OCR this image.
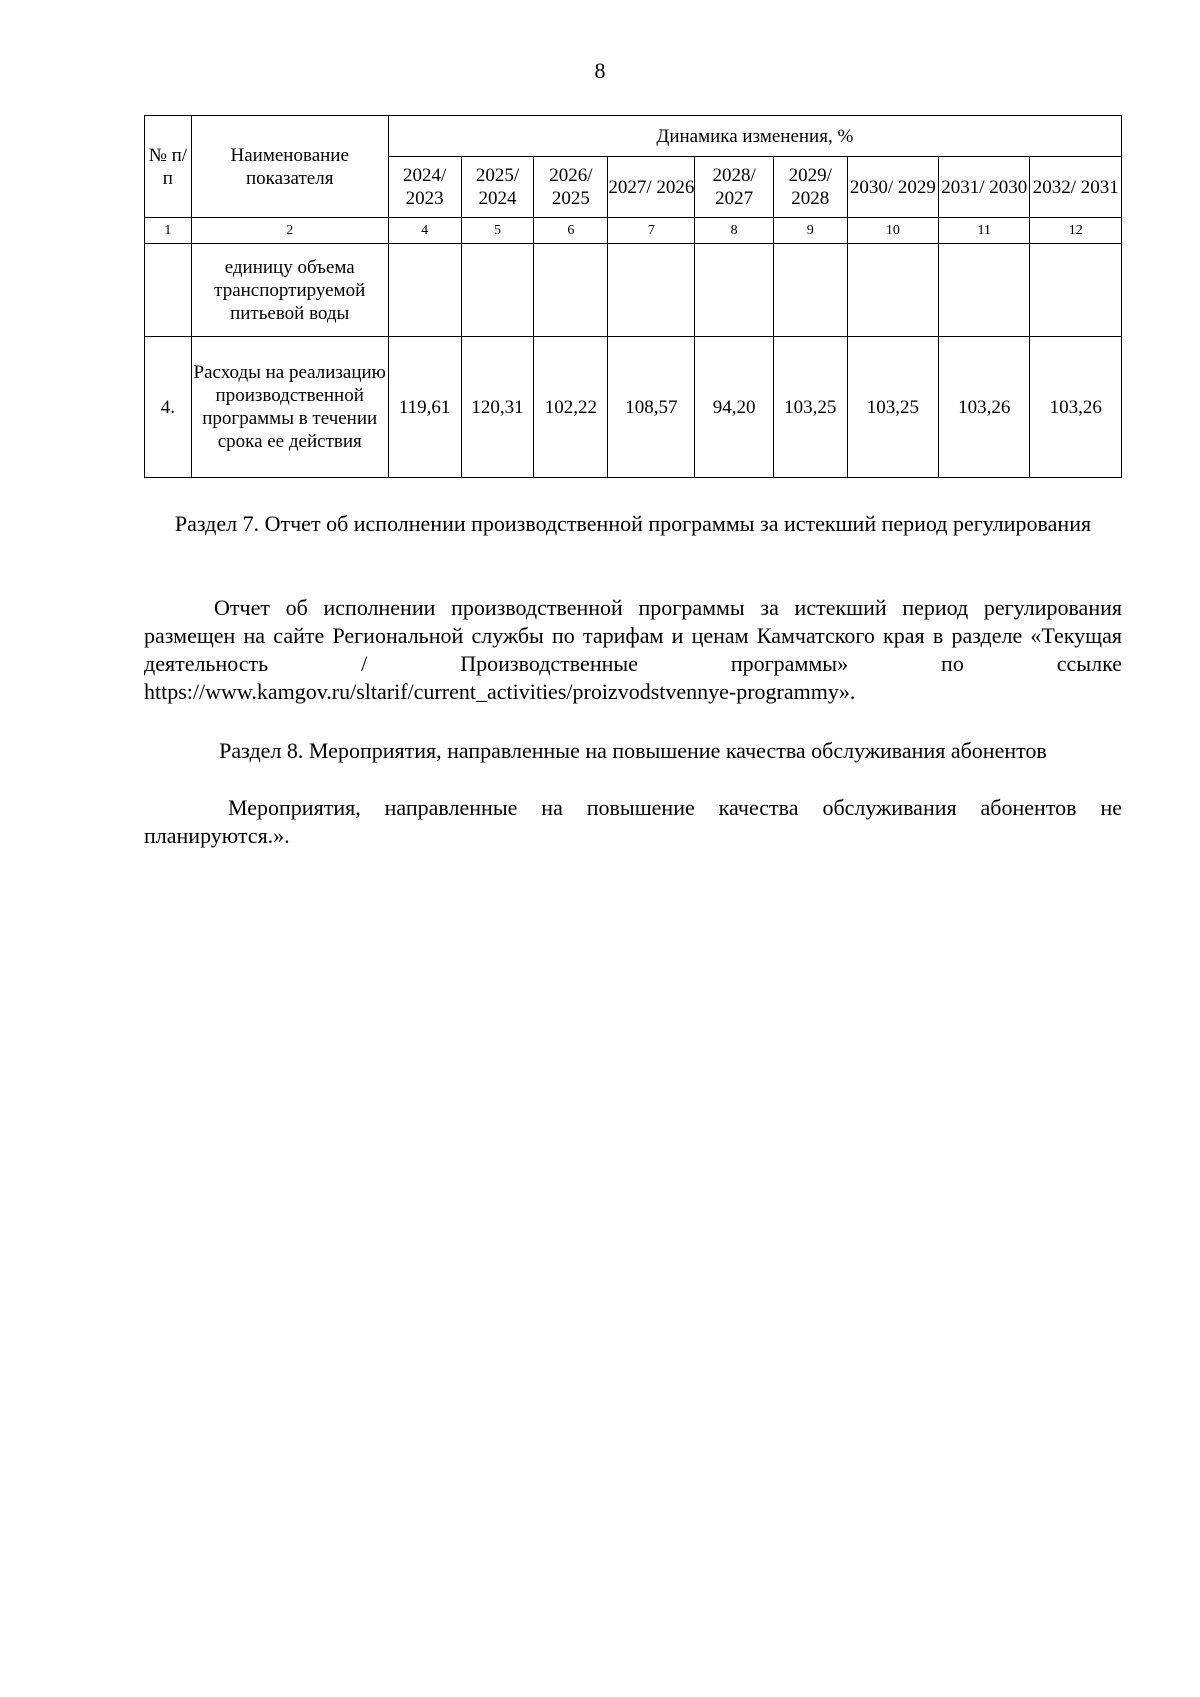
8
№ п/п	Наименование показателя	Динамика изменения, %								
		2024/ 2023	2025/ 2024	2026/ 2025	2027/ 2026	2028/ 2027	2029/ 2028	2030/ 2029	2031/ 2030	2032/ 2031
1	2	4	5	6	7	8	9	10	11	12
	единицу объема транспортируемой питьевой воды									
4.	Расходы на реализацию производственной программы в течении срока ее действия	119,61	120,31	102,22	108,57	94,20	103,25	103,25	103,26	103,26
Раздел 7. Отчет об исполнении производственной программы за истекший период регулирования
Отчет об исполнении производственной программы за истекший период регулирования размещен на сайте Региональной службы по тарифам и ценам Камчатского края в разделе «Текущая деятельность / Производственные программы» по ссылке https://www.kamgov.ru/sltarif/current_activities/proizvodstvennye-programmy».
Раздел 8. Мероприятия, направленные на повышение качества обслуживания абонентов
Мероприятия, направленные на повышение качества обслуживания абонентов не планируются.».
